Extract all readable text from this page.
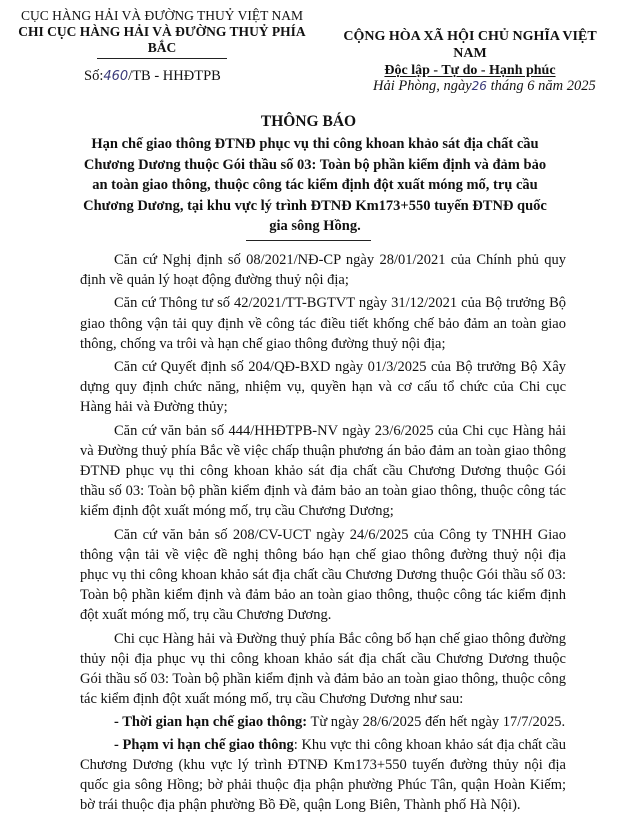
CỤC HÀNG HẢI VÀ ĐƯỜNG THUỶ VIỆT NAM
CHI CỤC HÀNG HẢI VÀ ĐƯỜNG THUỶ PHÍA BẮC
Số:460/TB - HHĐTPB
CỘNG HÒA XÃ HỘI CHỦ NGHĨA VIỆT NAM
Độc lập - Tự do - Hạnh phúc
Hải Phòng, ngày26 tháng 6 năm 2025
THÔNG BÁO
Hạn chế giao thông ĐTNĐ phục vụ thi công khoan khảo sát địa chất cầu Chương Dương thuộc Gói thầu số 03: Toàn bộ phần kiểm định và đảm bảo an toàn giao thông, thuộc công tác kiểm định đột xuất móng mố, trụ cầu Chương Dương, tại khu vực lý trình ĐTNĐ Km173+550 tuyến ĐTNĐ quốc gia sông Hồng.

Căn cứ Nghị định số 08/2021/NĐ-CP ngày 28/01/2021 của Chính phủ quy định về quản lý hoạt động đường thuỷ nội địa;

Căn cứ Thông tư số 42/2021/TT-BGTVT ngày 31/12/2021 của Bộ trưởng Bộ giao thông vận tải quy định về công tác điều tiết khống chế bảo đảm an toàn giao thông, chống va trôi và hạn chế giao thông đường thuỷ nội địa;

Căn cứ Quyết định số 204/QĐ-BXD ngày 01/3/2025 của Bộ trưởng Bộ Xây dựng quy định chức năng, nhiệm vụ, quyền hạn và cơ cấu tổ chức của Chi cục Hàng hải và Đường thủy;

Căn cứ văn bản số 444/HHĐTPB-NV ngày 23/6/2025 của Chi cục Hàng hải và Đường thuỷ phía Bắc về việc chấp thuận phương án bảo đảm an toàn giao thông ĐTNĐ phục vụ thi công khoan khảo sát địa chất cầu Chương Dương thuộc Gói thầu số 03: Toàn bộ phần kiểm định và đảm bảo an toàn giao thông, thuộc công tác kiểm định đột xuất móng mố, trụ cầu Chương Dương;

Căn cứ văn bản số 208/CV-UCT ngày 24/6/2025 của Công ty TNHH Giao thông vận tải về việc đề nghị thông báo hạn chế giao thông đường thuỷ nội địa phục vụ thi công khoan khảo sát địa chất cầu Chương Dương thuộc Gói thầu số 03: Toàn bộ phần kiểm định và đảm bảo an toàn giao thông, thuộc công tác kiểm định đột xuất móng mố, trụ cầu Chương Dương.

Chi cục Hàng hải và Đường thuỷ phía Bắc công bố hạn chế giao thông đường thủy nội địa phục vụ thi công khoan khảo sát địa chất cầu Chương Dương thuộc Gói thầu số 03: Toàn bộ phần kiểm định và đảm bảo an toàn giao thông, thuộc công tác kiểm định đột xuất móng mố, trụ cầu Chương Dương như sau:

- Thời gian hạn chế giao thông: Từ ngày 28/6/2025 đến hết ngày 17/7/2025.

- Phạm vi hạn chế giao thông: Khu vực thi công khoan khảo sát địa chất cầu Chương Dương (khu vực lý trình ĐTNĐ Km173+550 tuyến đường thủy nội địa quốc gia sông Hồng; bờ phải thuộc địa phận phường Phúc Tân, quận Hoàn Kiếm; bờ trái thuộc địa phận phường Bồ Đề, quận Long Biên, Thành phố Hà Nội).
